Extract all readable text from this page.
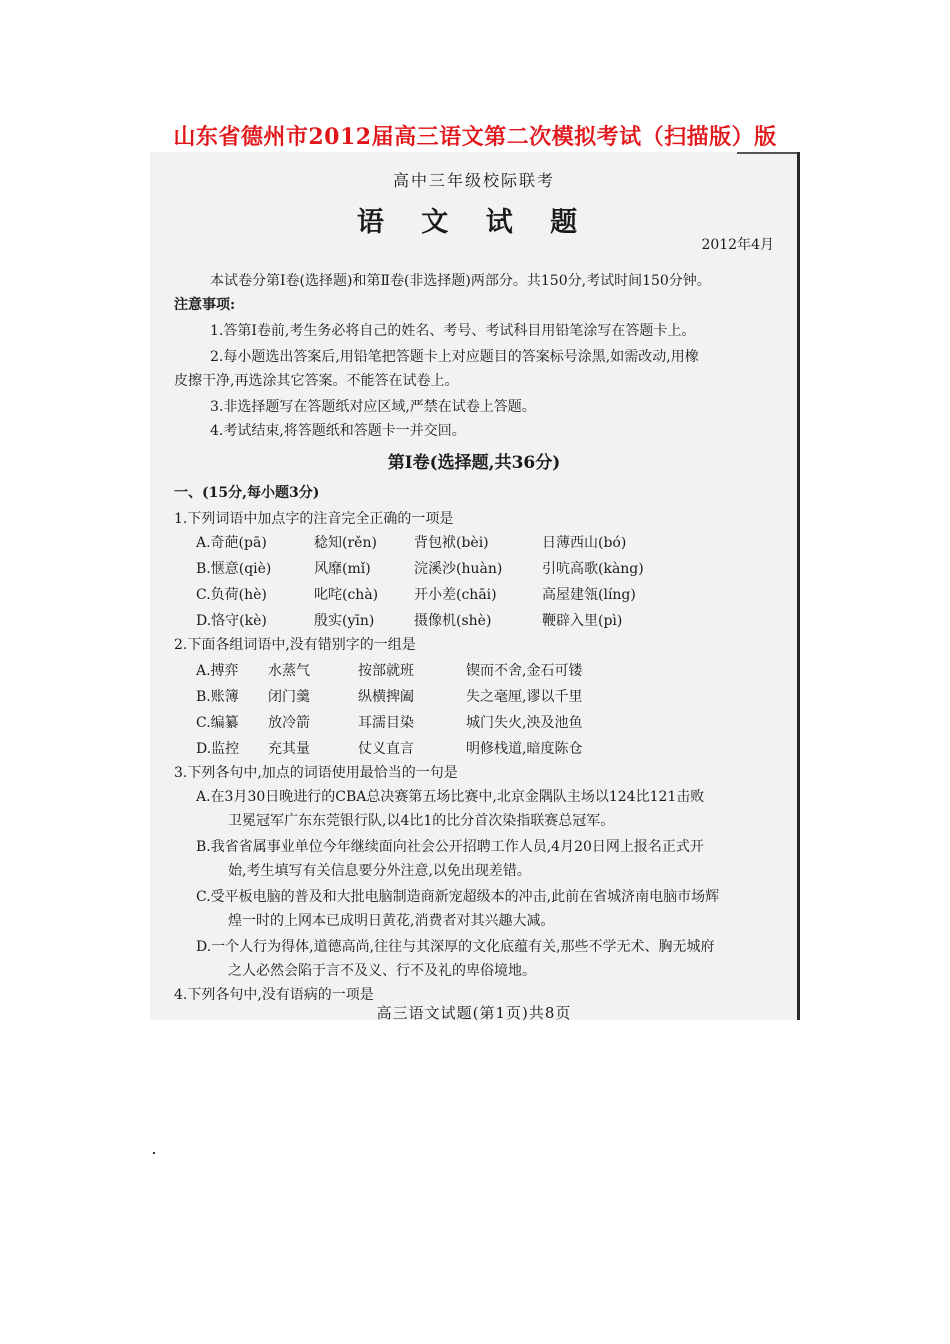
山东省德州市2012届高三语文第二次模拟考试（扫描版）版
高中三年级校际联考
语 文 试 题
2012年4月
本试卷分第Ⅰ卷(选择题)和第Ⅱ卷(非选择题)两部分。共150分,考试时间150分钟。
注意事项:
1.答第Ⅰ卷前,考生务必将自己的姓名、考号、考试科目用铅笔涂写在答题卡上。
2.每小题选出答案后,用铅笔把答题卡上对应题目的答案标号涂黑,如需改动,用橡
皮擦干净,再选涂其它答案。不能答在试卷上。
3.非选择题写在答题纸对应区域,严禁在试卷上答题。
4.考试结束,将答题纸和答题卡一并交回。
第Ⅰ卷(选择题,共36分)
一、(15分,每小题3分)
1.下列词语中加点字的注音完全正确的一项是
A.奇葩(pā)	稔知(rěn)	背包袱(bèi)	日薄西山(bó)
B.惬意(qiè)	风靡(mǐ)	浣溪沙(huàn)	引吭高歌(kàng)
C.负荷(hè)	叱咤(chà)	开小差(chāi)	高屋建瓴(líng)
D.恪守(kè)	殷实(yīn)	摄像机(shè)	鞭辟入里(pì)
2.下面各组词语中,没有错别字的一组是
A.搏弈	水蒸气	按部就班	锲而不舍,金石可镂
B.账簿	闭门羹	纵横捭阖	失之毫厘,谬以千里
C.编纂	放冷箭	耳濡目染	城门失火,泱及池鱼
D.监控	充其量	仗义直言	明修栈道,暗度陈仓
3.下列各句中,加点的词语使用最恰当的一句是
A.在3月30日晚进行的CBA总决赛第五场比赛中,北京金隅队主场以124比121击败
卫冕冠军广东东莞银行队,以4比1的比分首次染指联赛总冠军。
B.我省省属事业单位今年继续面向社会公开招聘工作人员,4月20日网上报名正式开
始,考生填写有关信息要分外注意,以免出现差错。
C.受平板电脑的普及和大批电脑制造商新宠超级本的冲击,此前在省城济南电脑市场辉
煌一时的上网本已成明日黄花,消费者对其兴趣大减。
D.一个人行为得体,道德高尚,往往与其深厚的文化底蕴有关,那些不学无术、胸无城府
之人必然会陷于言不及义、行不及礼的卑俗境地。
4.下列各句中,没有语病的一项是
高三语文试题(第1页)共8页
